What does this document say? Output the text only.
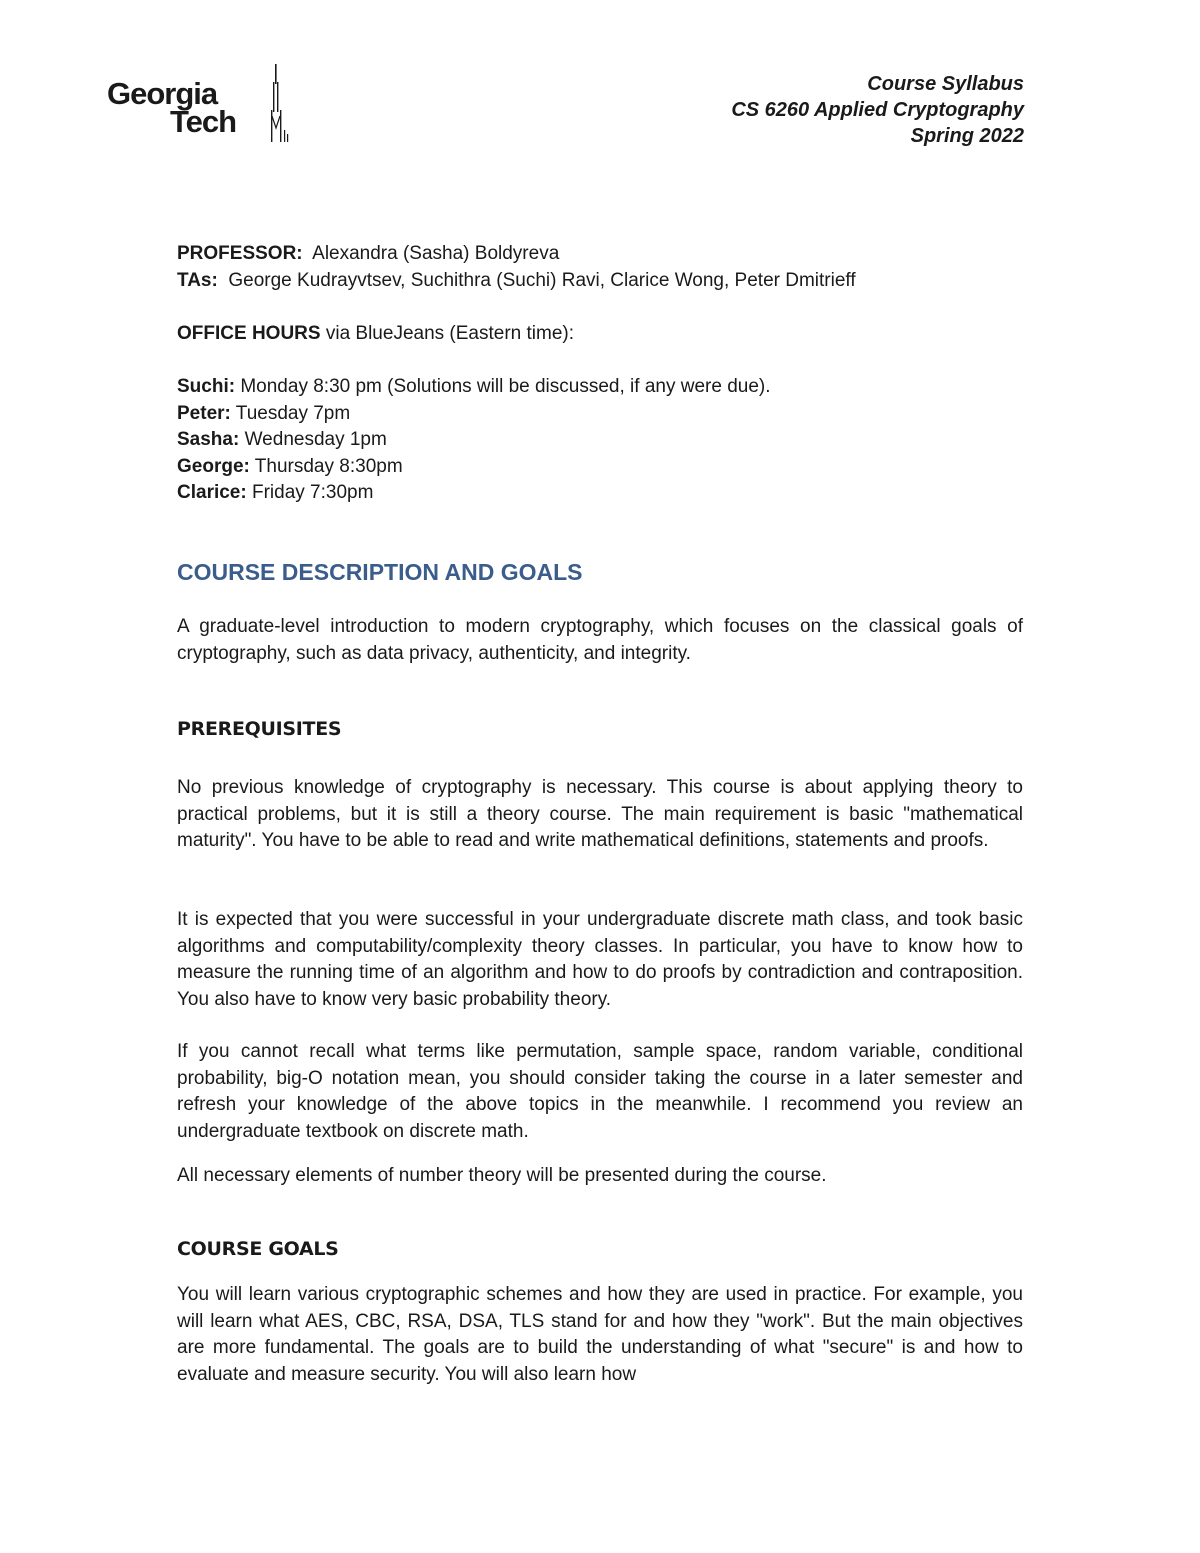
Georgia
Tech
Course Syllabus
CS 6260 Applied Cryptography
Spring 2022

PROFESSOR: Alexandra (Sasha) Boldyreva

TAs: George Kudrayvtsev, Suchithra (Suchi) Ravi, Clarice Wong, Peter Dmitrieff

OFFICE HOURS via BlueJeans (Eastern time):

Suchi: Monday 8:30 pm (Solutions will be discussed, if any were due).

Peter: Tuesday 7pm

Sasha: Wednesday 1pm

George: Thursday 8:30pm

Clarice: Friday 7:30pm

COURSE DESCRIPTION AND GOALS

A graduate-level introduction to modern cryptography, which focuses on the classical goals of cryptography, such as data privacy, authenticity, and integrity.

PREREQUISITES

No previous knowledge of cryptography is necessary. This course is about applying theory to practical problems, but it is still a theory course. The main requirement is basic "mathematical maturity". You have to be able to read and write mathematical definitions, statements and proofs.

It is expected that you were successful in your undergraduate discrete math class, and took basic algorithms and computability/complexity theory classes. In particular, you have to know how to measure the running time of an algorithm and how to do proofs by contradiction and contraposition. You also have to know very basic probability theory.

If you cannot recall what terms like permutation, sample space, random variable, conditional probability, big-O notation mean, you should consider taking the course in a later semester and refresh your knowledge of the above topics in the meanwhile. I recommend you review an undergraduate textbook on discrete math.

All necessary elements of number theory will be presented during the course.

COURSE GOALS

You will learn various cryptographic schemes and how they are used in practice. For example, you will learn what AES, CBC, RSA, DSA, TLS stand for and how they "work". But the main objectives are more fundamental. The goals are to build the understanding of what "secure" is and how to evaluate and measure security. You will also learn how
